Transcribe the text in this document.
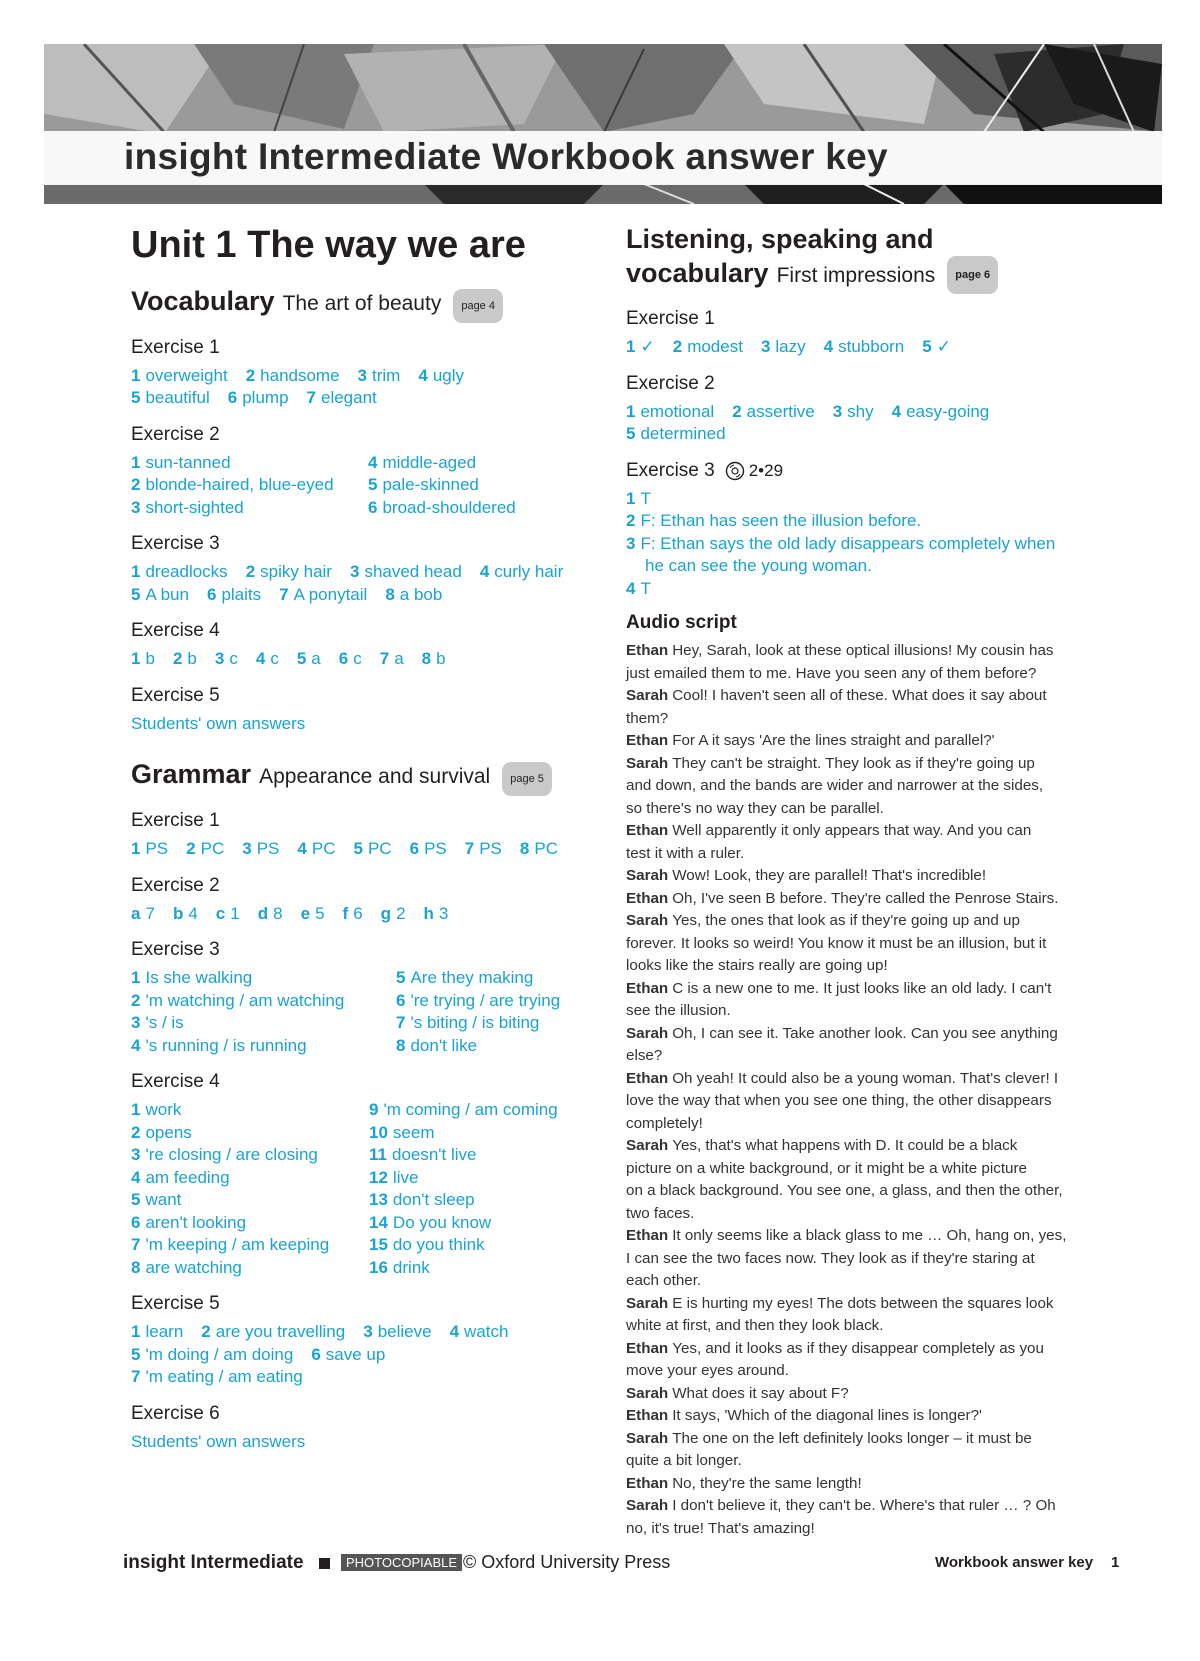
insight Intermediate Workbook answer key
Unit 1 The way we are
Vocabulary The art of beauty page 4
Exercise 1
1 overweight 2 handsome 3 trim 4 ugly
5 beautiful 6 plump 7 elegant
Exercise 2
1 sun-tanned
2 blonde-haired, blue-eyed
3 short-sighted
4 middle-aged
5 pale-skinned
6 broad-shouldered
Exercise 3
1 dreadlocks 2 spiky hair 3 shaved head 4 curly hair
5 A bun 6 plaits 7 A ponytail 8 a bob
Exercise 4
1 b 2 b 3 c 4 c 5 a 6 c 7 a 8 b
Exercise 5
Students' own answers
Grammar Appearance and survival page 5
Exercise 1
1 PS 2 PC 3 PS 4 PC 5 PC 6 PS 7 PS 8 PC
Exercise 2
a 7 b 4 c 1 d 8 e 5 f 6 g 2 h 3
Exercise 3
1 Is she walking
2 'm watching / am watching
3 's / is
4 's running / is running
5 Are they making
6 're trying / are trying
7 's biting / is biting
8 don't like
Exercise 4
1 work
2 opens
3 're closing / are closing
4 am feeding
5 want
6 aren't looking
7 'm keeping / am keeping
8 are watching
9 'm coming / am coming
10 seem
11 doesn't live
12 live
13 don't sleep
14 Do you know
15 do you think
16 drink
Exercise 5
1 learn 2 are you travelling 3 believe 4 watch
5 'm doing / am doing 6 save up
7 'm eating / am eating
Exercise 6
Students' own answers
Listening, speaking and
vocabulary First impressions page 6
Exercise 1
1 ✓ 2 modest 3 lazy 4 stubborn 5 ✓
Exercise 2
1 emotional 2 assertive 3 shy 4 easy-going
5 determined
Exercise 3 2•29
1 T
2 F: Ethan has seen the illusion before.
3 F: Ethan says the old lady disappears completely when
he can see the young woman.
4 T
Audio script
Ethan Hey, Sarah, look at these optical illusions! My cousin has
just emailed them to me. Have you seen any of them before?
Sarah Cool! I haven't seen all of these. What does it say about
them?
Ethan For A it says 'Are the lines straight and parallel?'
Sarah They can't be straight. They look as if they're going up
and down, and the bands are wider and narrower at the sides,
so there's no way they can be parallel.
Ethan Well apparently it only appears that way. And you can
test it with a ruler.
Sarah Wow! Look, they are parallel! That's incredible!
Ethan Oh, I've seen B before. They're called the Penrose Stairs.
Sarah Yes, the ones that look as if they're going up and up
forever. It looks so weird! You know it must be an illusion, but it
looks like the stairs really are going up!
Ethan C is a new one to me. It just looks like an old lady. I can't
see the illusion.
Sarah Oh, I can see it. Take another look. Can you see anything
else?
Ethan Oh yeah! It could also be a young woman. That's clever! I
love the way that when you see one thing, the other disappears
completely!
Sarah Yes, that's what happens with D. It could be a black
picture on a white background, or it might be a white picture
on a black background. You see one, a glass, and then the other,
two faces.
Ethan It only seems like a black glass to me … Oh, hang on, yes,
I can see the two faces now. They look as if they're staring at
each other.
Sarah E is hurting my eyes! The dots between the squares look
white at first, and then they look black.
Ethan Yes, and it looks as if they disappear completely as you
move your eyes around.
Sarah What does it say about F?
Ethan It says, 'Which of the diagonal lines is longer?'
Sarah The one on the left definitely looks longer – it must be
quite a bit longer.
Ethan No, they're the same length!
Sarah I don't believe it, they can't be. Where's that ruler … ? Oh
no, it's true! That's amazing!
insight Intermediate	PHOTOCOPIABLE © Oxford University Press	Workbook answer key 1
